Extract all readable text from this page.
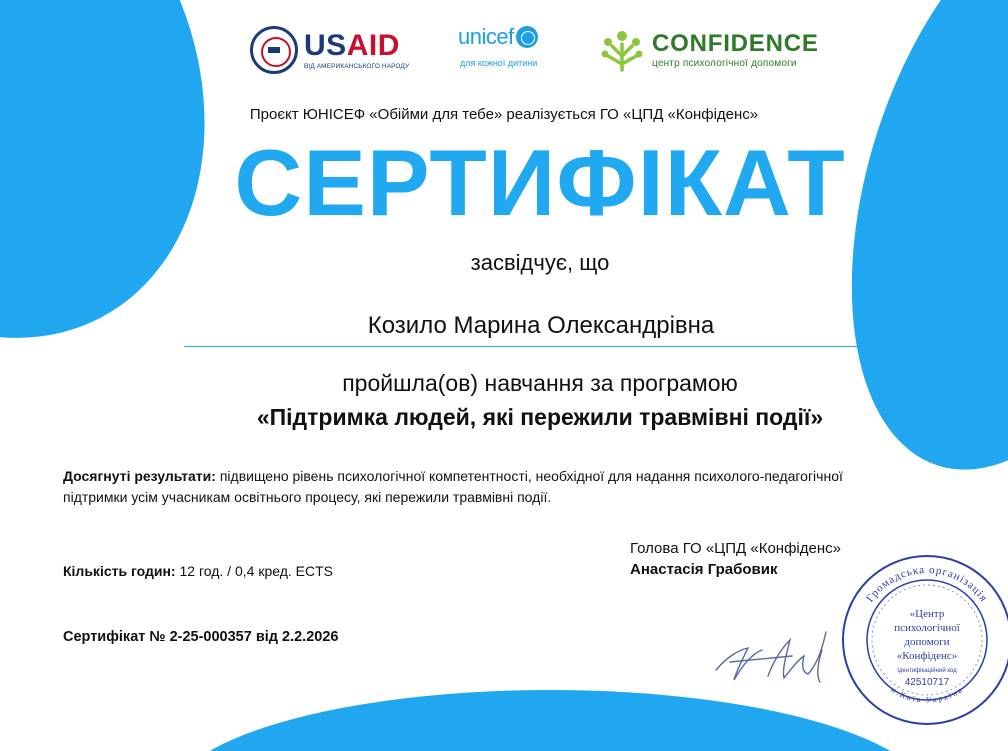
USAID
ВІД АМЕРИКАНСЬКОГО НАРОДУ
unicef
для кожної дитини
CONFIDENCE
центр психологічної допомоги
Проєкт ЮНІСЕФ «Обійми для тебе» реалізується ГО «ЦПД «Конфіденс»
СЕРТИФІКАТ
засвідчує, що
Козило Марина Олександрівна
пройшла(ов) навчання за програмою
«Підтримка людей, які пережили травмівні події»
Досягнуті результати: підвищено рівень психологічної компетентності, необхідної для надання психолого-педагогічної підтримки усім учасникам освітнього процесу, які пережили травмівні події.
Кількість годин: 12 год. / 0,4 кред. ECTS
Сертифікат № 2-25-000357 від 2.2.2026
Голова ГО «ЦПД «Конфіденс»
Анастасія Грабовик
Громадська організація
м.Київ Україна
«Центр
психологічної
допомоги
«Конфіденс»
Ідентифікаційний код
42510717
